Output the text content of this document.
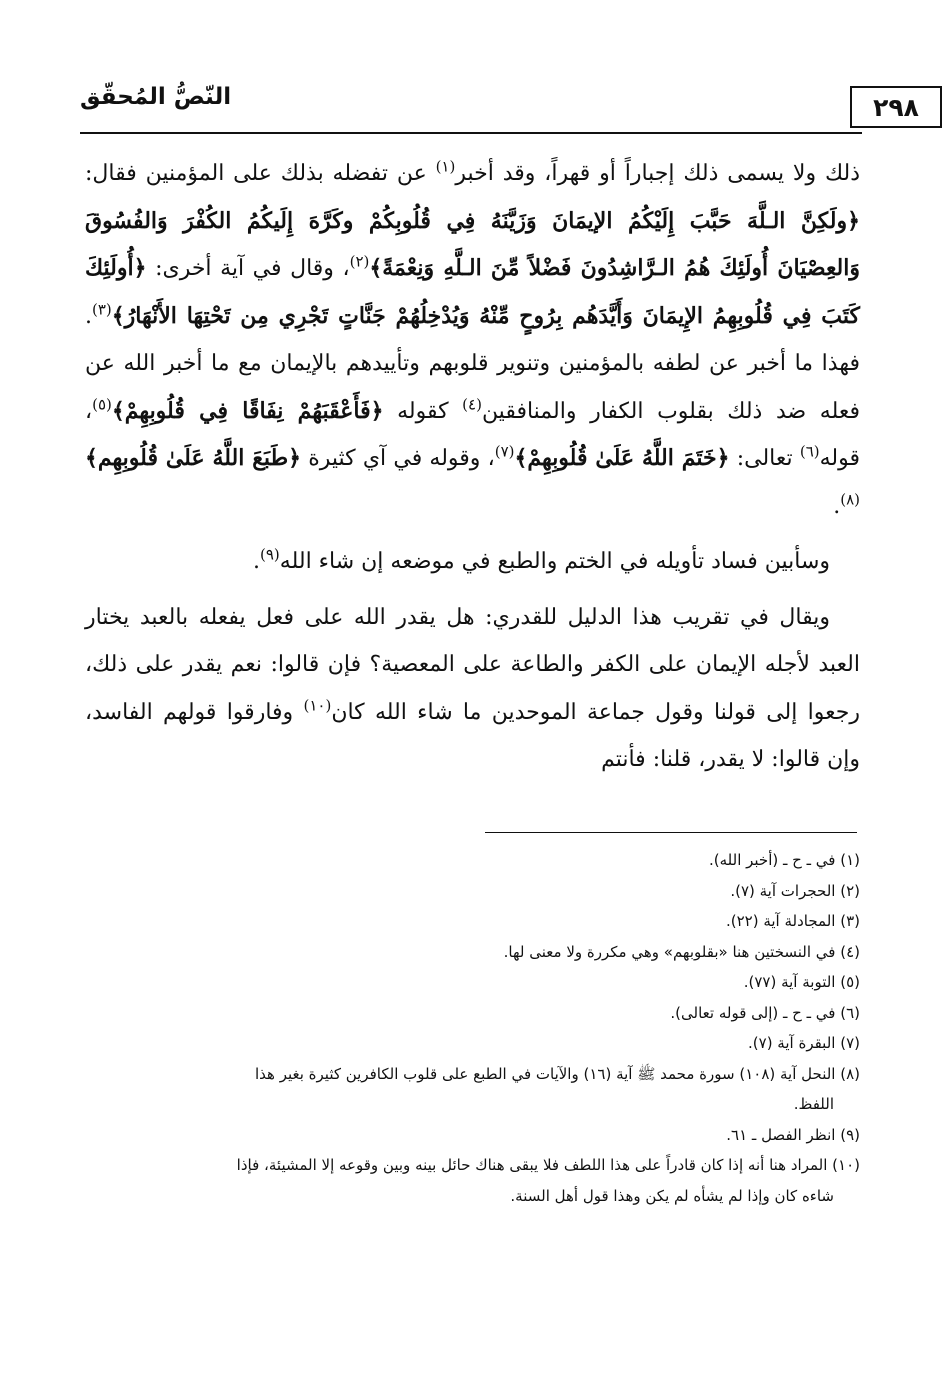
٢٩٨
النّصُّ المُحقّق

ذلك ولا يسمى ذلك إجباراً أو قهراً، وقد أخبر$^{(١)}$ عن تفضله بذلك على المؤمنين فقال: ﴿ولَكِنَّ الـلَّهَ حَبَّبَ إِلَيْكُمُ الإيمَانَ وَزَيَّنَهُ فِي قُلُوبِكُمْ وكَرَّهَ إِلَيكُمُ الكُفْرَ وَالفُسُوقَ وَالعِصْيَانَ أُولَئِكَ هُمُ الـرَّاشِدُونَ فَضْلاً مِّنَ الـلَّهِ وَنِعْمَةً﴾$^{(٢)}$، وقال في آية أخرى: ﴿أُولَئِكَ كَتَبَ فِي قُلُوبِهِمُ الإِيمَانَ وَأَيَّدَهُم بِرُوحٍ مِّنْهُ وَيُدْخِلُهُمْ جَنَّاتٍ تَجْرِي مِن تَحْتِهَا الأَنْهَارُ﴾$^{(٣)}$. فهذا ما أخبر عن لطفه بالمؤمنين وتنوير قلوبهم وتأييدهم بالإيمان مع ما أخبر الله عن فعله ضد ذلك بقلوب الكفار والمنافقين$^{(٤)}$ كقوله ﴿فَأَعْقَبَهُمْ نِفَاقًا فِي قُلُوبِهِمْ﴾$^{(٥)}$، قوله$^{(٦)}$ تعالى: ﴿خَتَمَ اللَّهُ عَلَىٰ قُلُوبِهِمْ﴾$^{(٧)}$، وقوله في آي كثيرة ﴿طَبَعَ اللَّهُ عَلَىٰ قُلُوبِهِم﴾$^{(٨)}$.

وسأبين فساد تأويله في الختم والطبع في موضعه إن شاء الله$^{(٩)}$.

ويقال في تقريب هذا الدليل للقدري: هل يقدر الله على فعل يفعله بالعبد يختار العبد لأجله الإيمان على الكفر والطاعة على المعصية؟ فإن قالوا: نعم يقدر على ذلك، رجعوا إلى قولنا وقول جماعة الموحدين ما شاء الله كان$^{(١٠)}$ وفارقوا قولهم الفاسد، وإن قالوا: لا يقدر، قلنا: فأنتم

(١) في ـ ح ـ (أخبر الله).

(٢) الحجرات آية (٧).

(٣) المجادلة آية (٢٢).

(٤) في النسختين هنا «بقلوبهم» وهي مكررة ولا معنى لها.

(٥) التوبة آية (٧٧).

(٦) في ـ ح ـ (إلى قوله تعالى).

(٧) البقرة آية (٧).

(٨) النحل آية (١٠٨) سورة محمد ﷺ آية (١٦) والآيات في الطبع على قلوب الكافرين كثيرة بغير هذا

اللفظ.

(٩) انظر الفصل ـ ٦١.

(١٠) المراد هنا أنه إذا كان قادراً على هذا اللطف فلا يبقى هناك حائل بينه وبين وقوعه إلا المشيئة، فإذا

شاءه كان وإذا لم يشأه لم يكن وهذا قول أهل السنة.
